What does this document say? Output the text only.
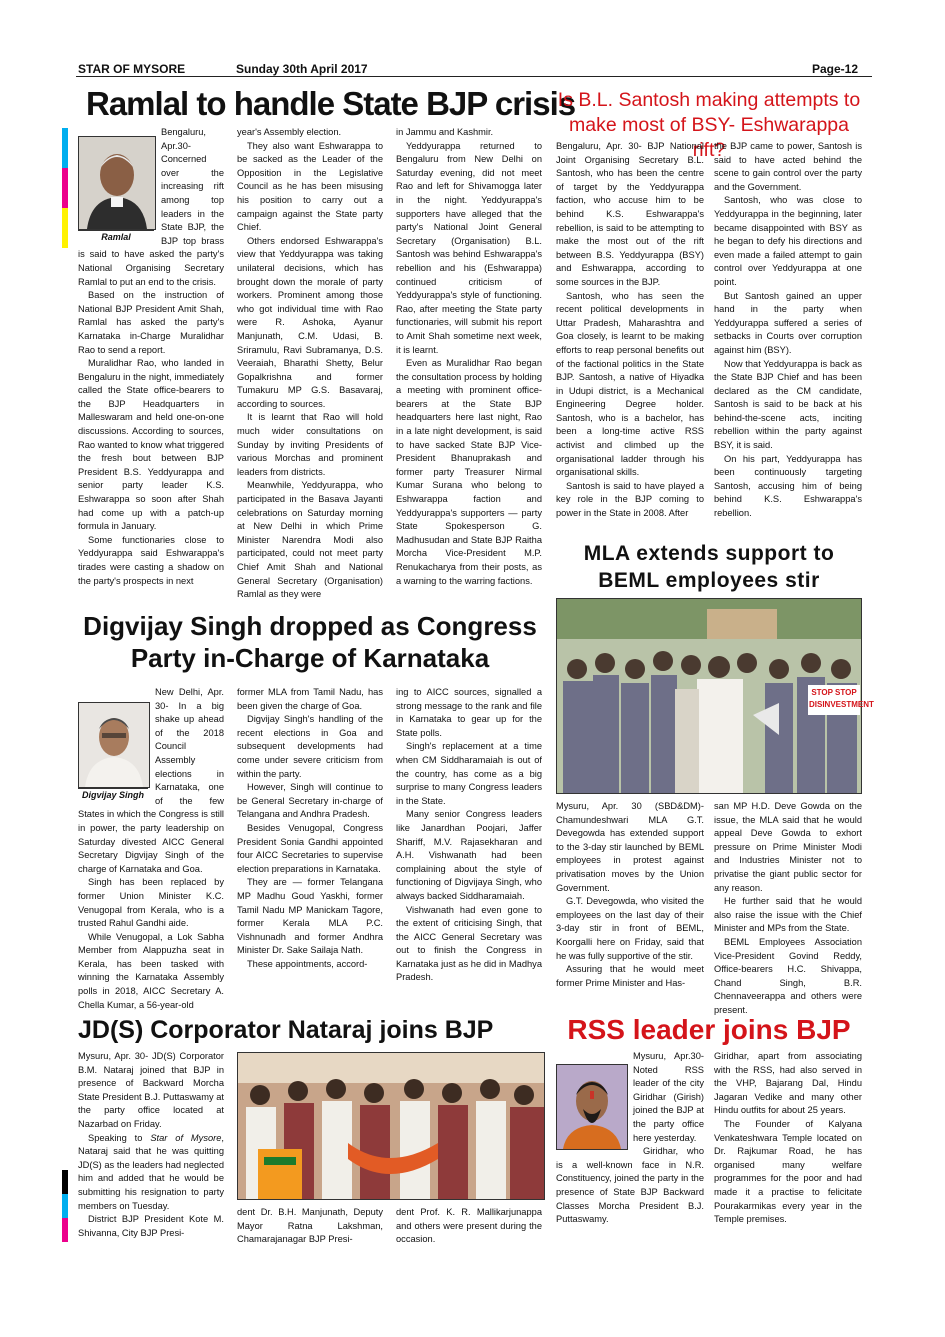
STAR OF MYSORE	Sunday 30th April 2017	Page-12
Ramlal to handle State BJP crisis
Ramlal

Bengaluru, Apr.30- Concerned over the increasing rift among top leaders in the State BJP, the BJP top brass is said to have asked the party's National Organising Secretary Ramlal to put an end to the crisis.

Based on the instruction of National BJP President Amit Shah, Ramlal has asked the party's Karnataka in-Charge Muralidhar Rao to send a report.

Muralidhar Rao, who landed in Bengaluru in the night, immediately called the State office-bearers to the BJP Headquarters in Malleswaram and held one-on-one discussions. According to sources, Rao wanted to know what triggered the fresh bout between BJP President B.S. Yeddyurappa and senior party leader K.S. Eshwarappa so soon after Shah had come up with a patch-up formula in January.

Some functionaries close to Yeddyurappa said Eshwarappa's tirades were casting a shadow on the party's prospects in next

year's Assembly election.

They also want Eshwarappa to be sacked as the Leader of the Opposition in the Legislative Council as he has been misusing his position to carry out a campaign against the State party Chief.

Others endorsed Eshwarappa's view that Yeddyurappa was taking unilateral decisions, which has brought down the morale of party workers. Prominent among those who got individual time with Rao were R. Ashoka, Ayanur Manjunath, C.M. Udasi, B. Sriramulu, Ravi Subramanya, D.S. Veeraiah, Bharathi Shetty, Belur Gopalkrishna and former Tumakuru MP G.S. Basavaraj, according to sources.

It is learnt that Rao will hold much wider consultations on Sunday by inviting Presidents of various Morchas and prominent leaders from districts.

Meanwhile, Yeddyurappa, who participated in the Basava Jayanti celebrations on Saturday morning at New Delhi in which Prime Minister Narendra Modi also participated, could not meet party Chief Amit Shah and National General Secretary (Organisation) Ramlal as they were

in Jammu and Kashmir.

Yeddyurappa returned to Bengaluru from New Delhi on Saturday evening, did not meet Rao and left for Shivamogga later in the night. Yeddyurappa's supporters have alleged that the party's National Joint General Secretary (Organisation) B.L. Santosh was behind Eshwarappa's rebellion and his (Eshwarappa) continued criticism of Yeddyurappa's style of functioning. Rao, after meeting the State party functionaries, will submit his report to Amit Shah sometime next week, it is learnt.

Even as Muralidhar Rao began the consultation process by holding a meeting with prominent office-bearers at the State BJP headquarters here last night, Rao in a late night development, is said to have sacked State BJP Vice-President Bhanuprakash and former party Treasurer Nirmal Kumar Surana who belong to Eshwarappa faction and Yeddyurappa's supporters — party State Spokesperson G. Madhusudan and State BJP Raitha Morcha Vice-President M.P. Renukacharya from their posts, as a warning to the warring factions.

Is B.L. Santosh making attempts to make most of BSY- Eshwarappa rift?

Bengaluru, Apr. 30- BJP National Joint Organising Secretary B.L. Santosh, who has been the centre of target by the Yeddyurappa faction, who accuse him to be behind K.S. Eshwarappa's rebellion, is said to be attempting to make the most out of the rift between B.S. Yeddyurappa (BSY) and Eshwarappa, according to some sources in the BJP.

Santosh, who has seen the recent political developments in Uttar Pradesh, Maharashtra and Goa closely, is learnt to be making efforts to reap personal benefits out of the factional politics in the State BJP. Santosh, a native of Hiyadka in Udupi district, is a Mechanical Engineering Degree holder. Santosh, who is a bachelor, has been a long-time active RSS activist and climbed up the organisational ladder through his organisational skills.

Santosh is said to have played a key role in the BJP coming to power in the State in 2008. After

the BJP came to power, Santosh is said to have acted behind the scene to gain control over the party and the Government.

Santosh, who was close to Yeddyurappa in the beginning, later became disappointed with BSY as he began to defy his directions and even made a failed attempt to gain control over Yeddyurappa at one point.

But Santosh gained an upper hand in the party when Yeddyurappa suffered a series of setbacks in Courts over corruption against him (BSY).

Now that Yeddyurappa is back as the State BJP Chief and has been declared as the CM candidate, Santosh is said to be back at his behind-the-scene acts, inciting rebellion within the party against BSY, it is said.

On his part, Yeddyurappa has been continuously targeting Santosh, accusing him of being behind K.S. Eshwarappa's rebellion.

MLA extends support to BEML employees stir
STOP STOP DISINVESTMENT

Mysuru, Apr. 30 (SBD&DM)- Chamundeshwari MLA G.T. Devegowda has extended support to the 3-day stir launched by BEML employees in protest against privatisation moves by the Union Government.

G.T. Devegowda, who visited the employees on the last day of their 3-day stir in front of BEML, Koorgalli here on Friday, said that he was fully supportive of the stir.

Assuring that he would meet former Prime Minister and Has-

san MP H.D. Deve Gowda on the issue, the MLA said that he would appeal Deve Gowda to exhort pressure on Prime Minister Modi and Industries Minister not to privatise the giant public sector for any reason.

He further said that he would also raise the issue with the Chief Minister and MPs from the State.

BEML Employees Association Vice-President Govind Reddy, Office-bearers H.C. Shivappa, Chand Singh, B.R. Chennaveerappa and others were present.

Digvijay Singh dropped as Congress
Party in-Charge of Karnataka
Digvijay Singh

New Delhi, Apr. 30- In a big shake up ahead of the 2018 Council Assembly elections in Karnataka, one of the few States in which the Congress is still in power, the party leadership on Saturday divested AICC General Secretary Digvijay Singh of the charge of Karnataka and Goa.

Singh has been replaced by former Union Minister K.C. Venugopal from Kerala, who is a trusted Rahul Gandhi aide.

While Venugopal, a Lok Sabha Member from Alappuzha seat in Kerala, has been tasked with winning the Karnataka Assembly polls in 2018, AICC Secretary A. Chella Kumar, a 56-year-old

former MLA from Tamil Nadu, has been given the charge of Goa.

Digvijay Singh's handling of the recent elections in Goa and subsequent developments had come under severe criticism from within the party.

However, Singh will continue to be General Secretary in-charge of Telangana and Andhra Pradesh.

Besides Venugopal, Congress President Sonia Gandhi appointed four AICC Secretaries to supervise election preparations in Karnataka.

They are — former Telangana MP Madhu Goud Yaskhi, former Tamil Nadu MP Manickam Tagore, former Kerala MLA P.C. Vishnunadh and former Andhra Minister Dr. Sake Sailaja Nath.

These appointments, accord-

ing to AICC sources, signalled a strong message to the rank and file in Karnataka to gear up for the State polls.

Singh's replacement at a time when CM Siddharamaiah is out of the country, has come as a big surprise to many Congress leaders in the State.

Many senior Congress leaders like Janardhan Poojari, Jaffer Shariff, M.V. Rajasekharan and A.H. Vishwanath had been complaining about the style of functioning of Digvijaya Singh, who always backed Siddharamaiah.

Vishwanath had even gone to the extent of criticising Singh, that the AICC General Secretary was out to finish the Congress in Karnataka just as he did in Madhya Pradesh.

JD(S) Corporator Nataraj joins BJP

Mysuru, Apr. 30- JD(S) Corporator B.M. Nataraj joined that BJP in presence of Backward Morcha State President B.J. Puttaswamy at the party office located at Nazarbad on Friday.

Speaking to Star of Mysore, Nataraj said that he was quitting JD(S) as the leaders had neglected him and added that he would be submitting his resignation to party members on Tuesday.

District BJP President Kote M. Shivanna, City BJP Presi-

dent Dr. B.H. Manjunath, Deputy Mayor Ratna Lakshman, Chamarajanagar BJP Presi-

dent Prof. K. R. Mallikarjunappa and others were present during the occasion.

RSS leader joins BJP

Mysuru, Apr.30- Noted RSS leader of the city Giridhar (Girish) joined the BJP at the party office here yesterday.

Giridhar, who is a well-known face in N.R. Constituency, joined the party in the presence of State BJP Backward Classes Morcha President B.J. Puttaswamy.

Giridhar, apart from associating with the RSS, had also served in the VHP, Bajarang Dal, Hindu Jagaran Vedike and many other Hindu outfits for about 25 years.

The Founder of Kalyana Venkateshwara Temple located on Dr. Rajkumar Road, he has organised many welfare programmes for the poor and had made it a practise to felicitate Pourakarmikas every year in the Temple premises.
